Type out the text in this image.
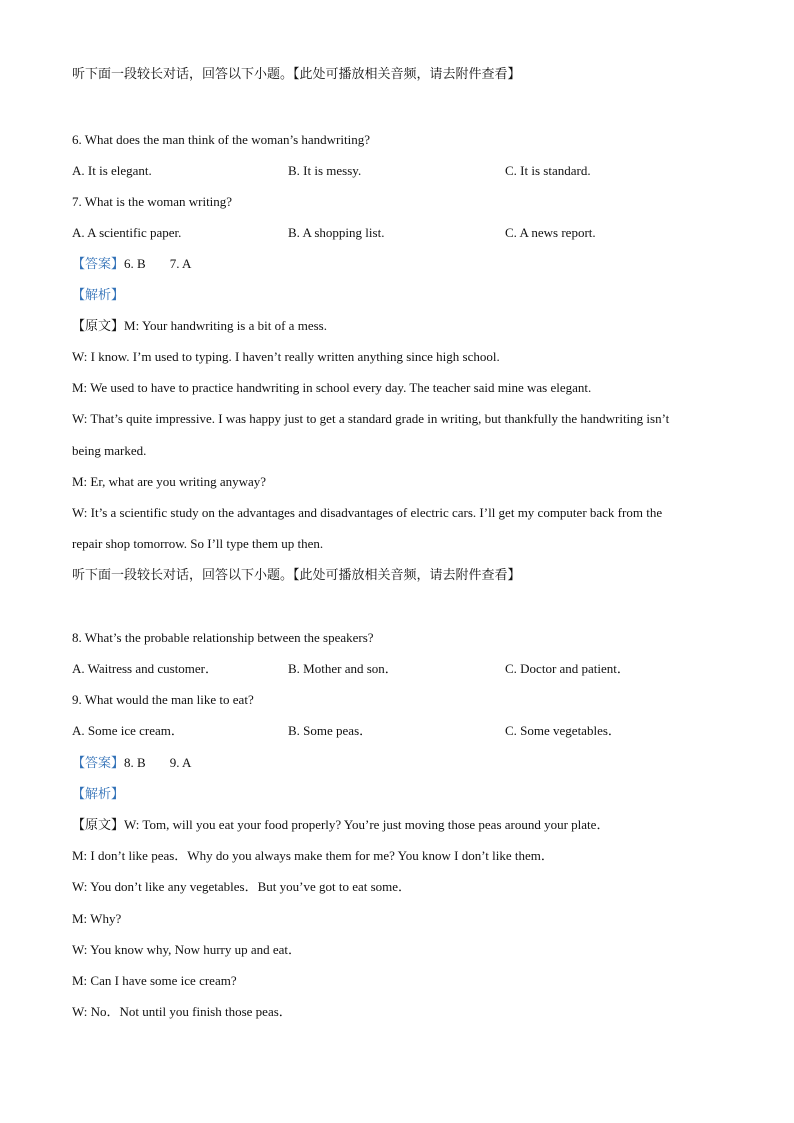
听下面一段较长对话，回答以下小题。【此处可播放相关音频，请去附件查看】
6. What does the man think of the woman’s handwriting?
A. It is elegant.	B. It is messy.	C. It is standard.
7. What is the woman writing?
A. A scientific paper.	B. A shopping list.	C. A news report.
【答案】6. B 7. A
【解析】
【原文】M: Your handwriting is a bit of a mess.
W: I know. I’m used to typing. I haven’t really written anything since high school.
M: We used to have to practice handwriting in school every day. The teacher said mine was elegant.
W: That’s quite impressive. I was happy just to get a standard grade in writing, but thankfully the handwriting isn’t
being marked.
M: Er, what are you writing anyway?
W: It’s a scientific study on the advantages and disadvantages of electric cars. I’ll get my computer back from the
repair shop tomorrow. So I’ll type them up then.
听下面一段较长对话，回答以下小题。【此处可播放相关音频，请去附件查看】
8. What’s the probable relationship between the speakers?
A. Waitress and customer．	B. Mother and son．	C. Doctor and patient．
9. What would the man like to eat?
A. Some ice cream．	B. Some peas．	C. Some vegetables．
【答案】8. B 9. A
【解析】
【原文】W: Tom, will you eat your food properly? You’re just moving those peas around your plate．
M: I don’t like peas．Why do you always make them for me? You know I don’t like them．
W: You don’t like any vegetables．But you’ve got to eat some．
M: Why?
W: You know why, Now hurry up and eat．
M: Can I have some ice cream?
W: No．Not until you finish those peas．
